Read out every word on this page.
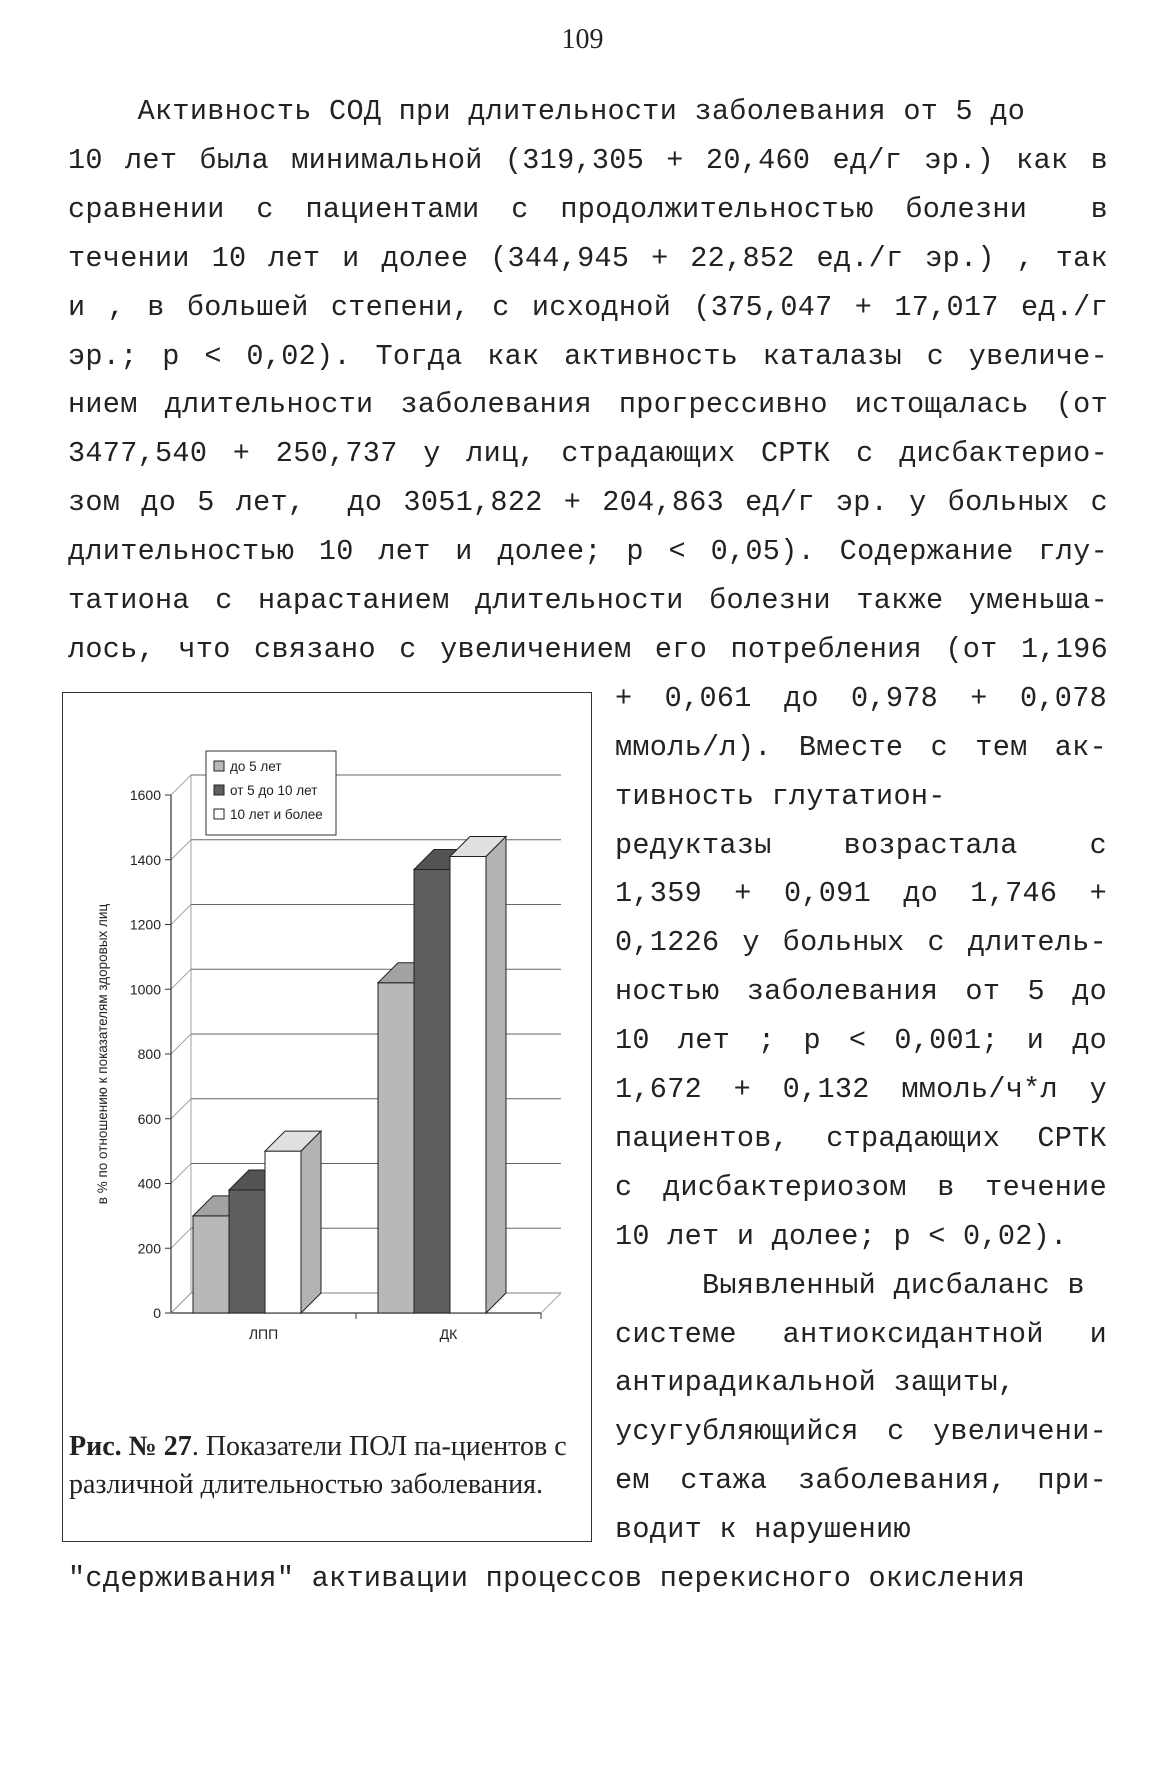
109
Активность СОД при длительности заболевания от 5 до
10 лет была минимальной (319,305 + 20,460 ед/г эр.) как в
сравнении с пациентами с продолжительностью болезни  в
течении 10 лет и долее (344,945 + 22,852 ед./г эр.) , так
и , в большей степени, с исходной (375,047 + 17,017 ед./г
эр.; р < 0,02). Тогда как активность каталазы с увеличе-
нием длительности заболевания прогрессивно истощалась (от
3477,540 + 250,737 у лиц, страдающих СРТК с дисбактерио-
зом до 5 лет,  до 3051,822 + 204,863 ед/г эр. у больных с
длительностью 10 лет и долее; р < 0,05). Содержание глу-
татиона с нарастанием длительности болезни также уменьша-
лось, что связано с увеличением его потребления (от 1,196
+ 0,061 до 0,978 + 0,078
ммоль/л). Вместе с тем ак-
тивность глутатион-
редуктазы возрастала с
1,359 + 0,091 до 1,746 +
0,1226 у больных с длитель-
ностью заболевания от 5 до
10 лет ; р < 0,001; и до
1,672 + 0,132 ммоль/ч*л у
пациентов, страдающих СРТК
с дисбактериозом в течение
10 лет и долее; р < 0,02).
Выявленный дисбаланс в
системе антиоксидантной и
антирадикальной защиты,
усугубляющийся с увеличени-
ем стажа заболевания, при-
водит к нарушению
"сдерживания" активации процессов перекисного окисления
0
200
400
600
800
1000
1200
1400
1600
в % по отношению к показателям здоровых лиц
ЛПП	ДК
до 5 лет
от 5 до 10 лет
10 лет и более
Рис. № 27. Показатели ПОЛ па-циентов с различной длительностью заболевания.
